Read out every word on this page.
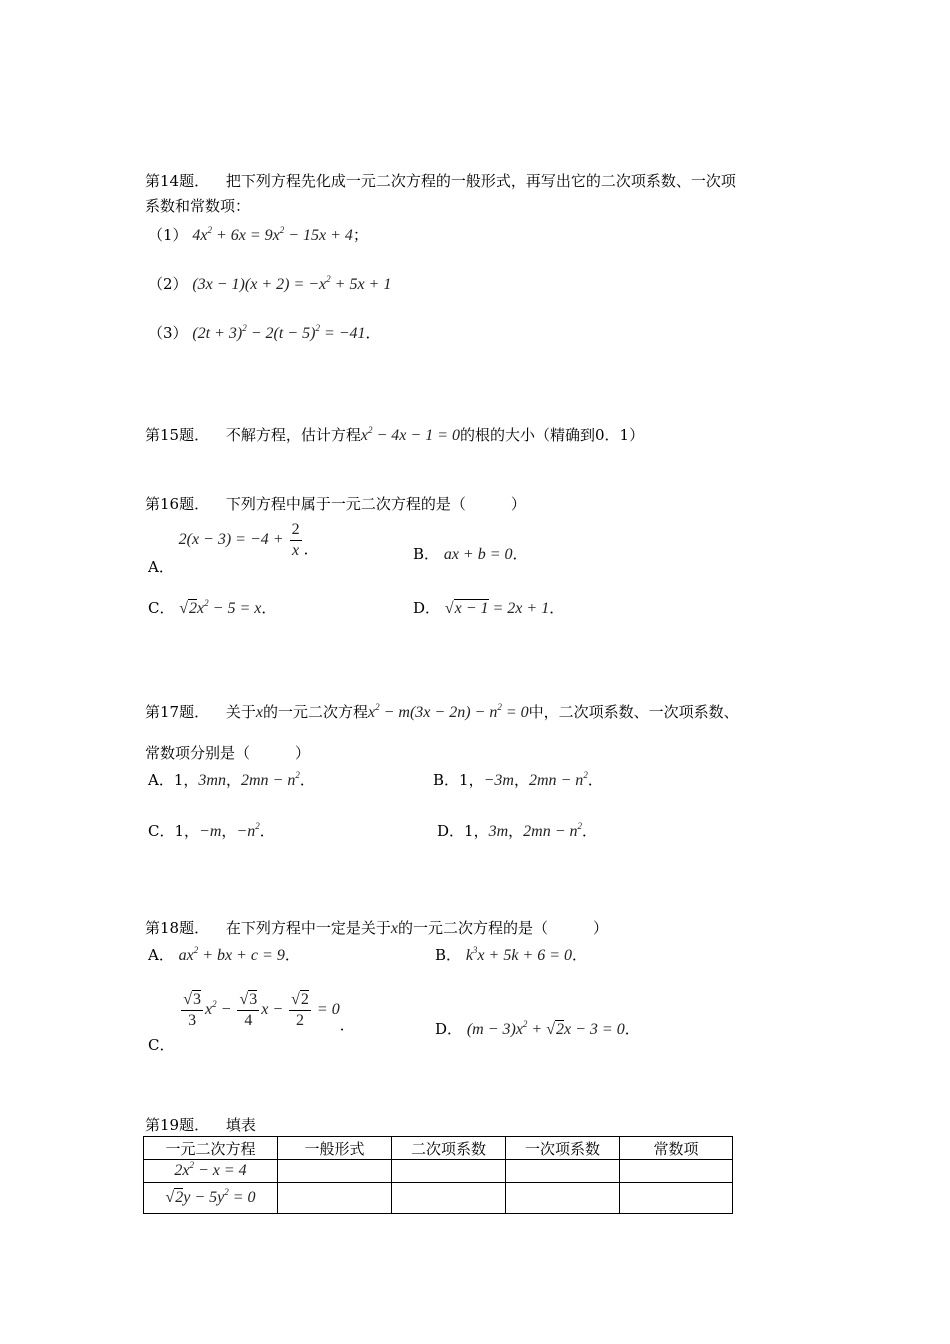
第14题． 把下列方程先化成一元二次方程的一般形式，再写出它的二次项系数、一次项
系数和常数项：
（1） $4x^2 + 6x = 9x^2 - 15x + 4$；
（2） $(3x - 1)(x + 2) = -x^2 + 5x + 1$
（3） $(2t + 3)^2 - 2(t - 5)^2 = -41$．
第15题． 不解方程，估计方程$x^2 - 4x - 1 = 0$的根的大小（精确到0．1）
第16题． 下列方程中属于一元二次方程的是（　　　）
A． $2(x - 3) = -4 + \frac{2}{x}$ ．	B． ax + b = 0．
C． $√2x^2 - 5 = x$．	D． √x − 1 = 2x + 1．
第17题． 关于x的一元二次方程$x^2 - m(3x - 2n) - n^2 = 0$中，二次项系数、一次项系数、
常数项分别是（　　　）
A．1，3mn，$2mn - n^2$．	B．1，−3m，$2mn - n^2$．
C．1，−m，$-n^2$．	D．1，3m，$2mn - n^2$．
第18题． 在下列方程中一定是关于x的一元二次方程的是（　　　）
A． $ax^2$ + bx + c = 9．	B． $k^3x + 5k + 6 = 0$．
C．
$\frac{√3}{3} x^2 - \frac{√3}{4}$ $x - \frac{√2}{2} = 0$．	D． $(m - 3)x^2 + √2x - 3 = 0$．
第19题． 填表
一元二次方程	一般形式	二次项系数	一次项系数	常数项
$2x^2 - x = 4$				
$√2y - 5y^2 = 0$				
